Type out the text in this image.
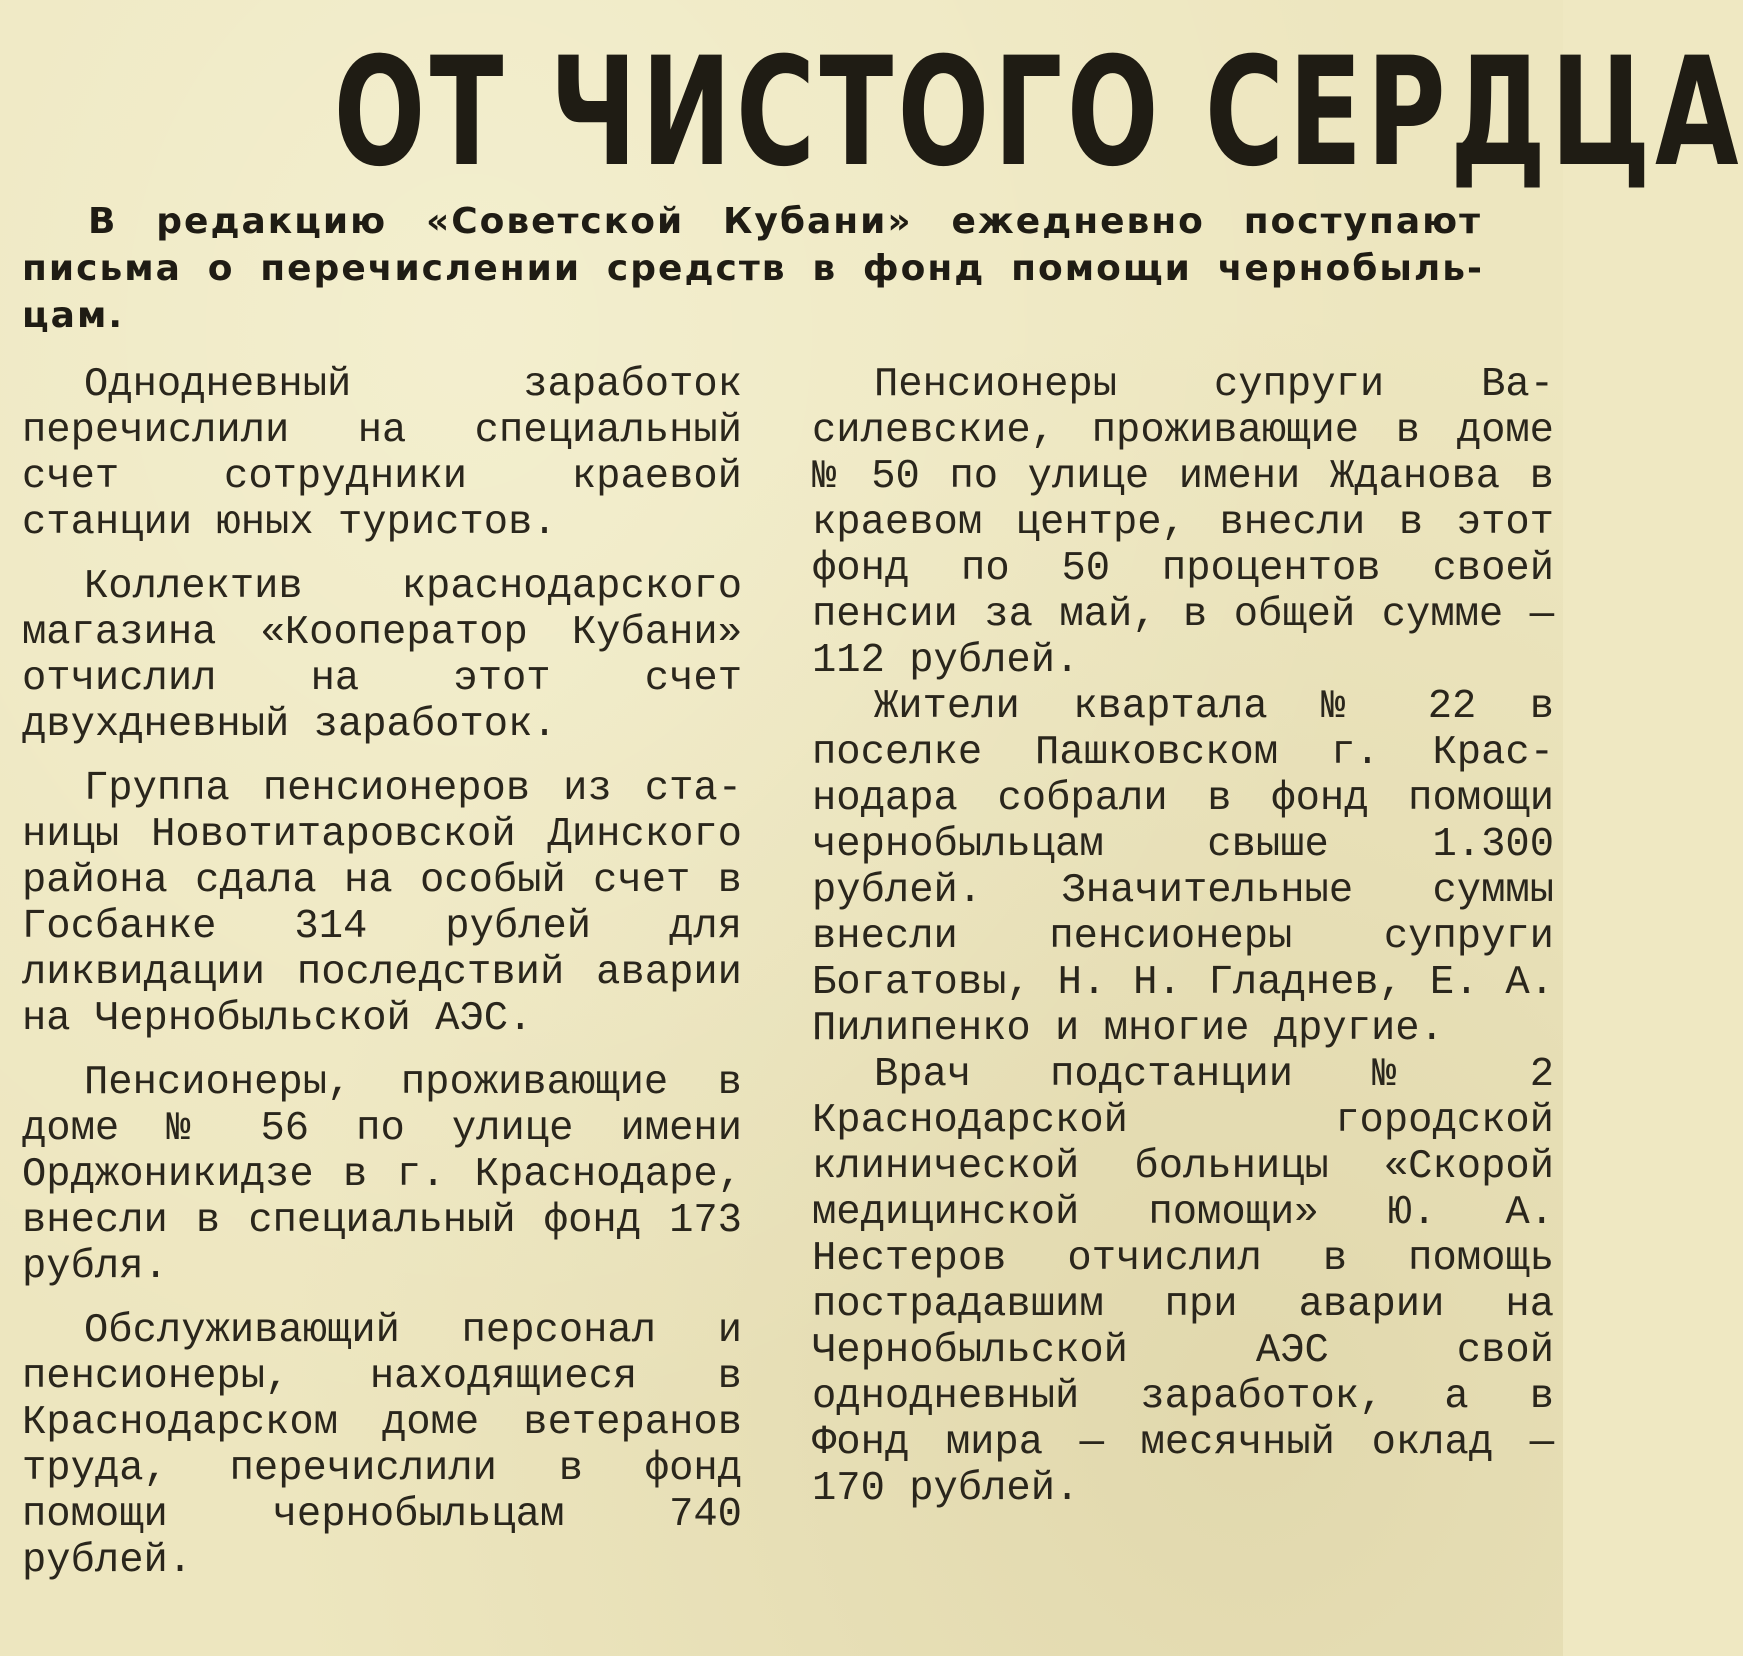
ОТ ЧИСТОГО СЕРДЦА

В редакцию «Советской Кубани» ежедневно поступают письма о перечислении средств в фонд помощи чернобыльцам.

Однодневный заработок перечислили на специальный счет сотрудники краевой станции юных туристов.

Коллектив краснодарского магазина «Кооператор Кубани» отчислил на этот счет двухдневный заработок.

Группа пенсионеров из станицы Новотитаровской Динского района сдала на особый счет в Госбанке 314 рублей для ликвидации последствий аварии на Чернобыльской АЭС.

Пенсионеры, проживающие в доме № 56 по улице имени Орджоникидзе в г. Краснодаре, внесли в специальный фонд 173 рубля.

Обслуживающий персонал и пенсионеры, находящиеся в Краснодарском доме ветеранов труда, перечислили в фонд помощи чернобыльцам 740 рублей.

Пенсионеры супруги Василевские, проживающие в доме № 50 по улице имени Жданова в краевом центре, внесли в этот фонд по 50 процентов своей пенсии за май, в общей сумме — 112 рублей.

Жители квартала № 22 в поселке Пашковском г. Краснодара собрали в фонд помощи чернобыльцам свыше 1.300 рублей. Значительные суммы внесли пенсионеры супруги Богатовы, Н. Н. Гладнев, Е. А. Пилипенко и многие другие.

Врач подстанции № 2 Краснодарской городской клинической больницы «Скорой медицинской помощи» Ю. А. Нестеров отчислил в помощь пострадавшим при аварии на Чернобыльской АЭС свой однодневный заработок, а в Фонд мира — месячный оклад — 170 рублей.
